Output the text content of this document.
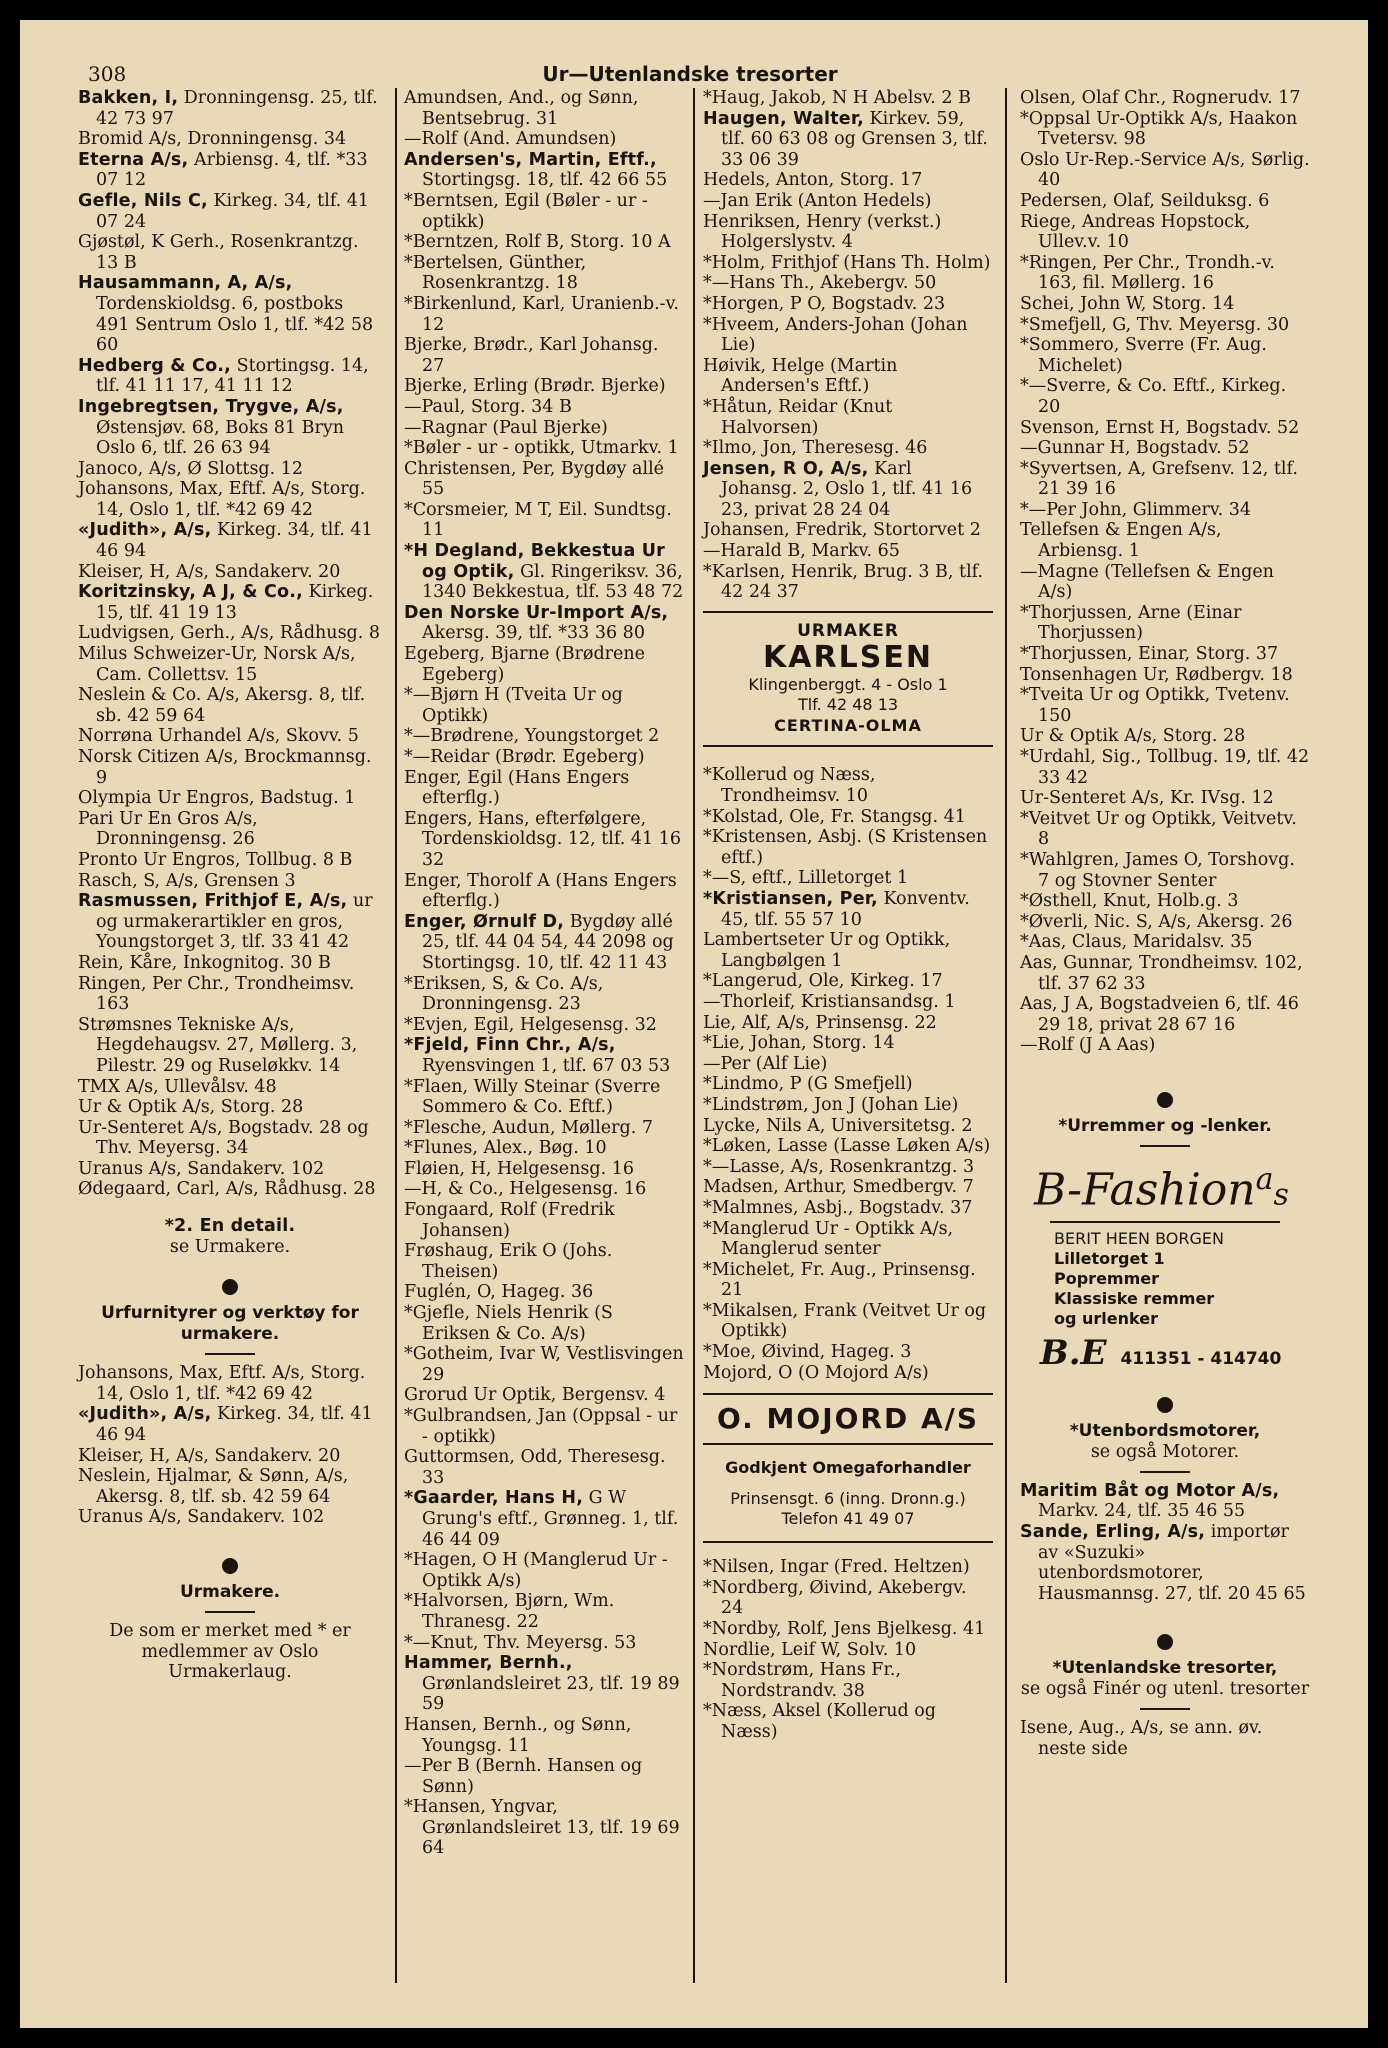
308	Ur—Utenlandske tresorter

Bakken, I, Dronningensg. 25, tlf. 42 73 97

Bromid A/s, Dronningensg. 34

Eterna A/s, Arbiensg. 4, tlf. *33 07 12

Gefle, Nils C, Kirkeg. 34, tlf. 41 07 24

Gjøstøl, K Gerh., Rosenkrantzg. 13 B

Hausammann, A, A/s, Tordenskioldsg. 6, postboks 491 Sentrum Oslo 1, tlf. *42 58 60

Hedberg & Co., Stortingsg. 14, tlf. 41 11 17, 41 11 12

Ingebregtsen, Trygve, A/s, Østensjøv. 68, Boks 81 Bryn Oslo 6, tlf. 26 63 94

Janoco, A/s, Ø Slottsg. 12

Johansons, Max, Eftf. A/s, Storg. 14, Oslo 1, tlf. *42 69 42

«Judith», A/s, Kirkeg. 34, tlf. 41 46 94

Kleiser, H, A/s, Sandakerv. 20

Koritzinsky, A J, & Co., Kirkeg. 15, tlf. 41 19 13

Ludvigsen, Gerh., A/s, Rådhusg. 8

Milus Schweizer-Ur, Norsk A/s, Cam. Collettsv. 15

Neslein & Co. A/s, Akersg. 8, tlf. sb. 42 59 64

Norrøna Urhandel A/s, Skovv. 5

Norsk Citizen A/s, Brockmannsg. 9

Olympia Ur Engros, Badstug. 1

Pari Ur En Gros A/s, Dronningensg. 26

Pronto Ur Engros, Tollbug. 8 B

Rasch, S, A/s, Grensen 3

Rasmussen, Frithjof E, A/s, ur og urmakerartikler en gros, Youngstorget 3, tlf. 33 41 42

Rein, Kåre, Inkognitog. 30 B

Ringen, Per Chr., Trondheimsv. 163

Strømsnes Tekniske A/s, Hegdehaugsv. 27, Møllerg. 3, Pilestr. 29 og Ruseløkkv. 14

TMX A/s, Ullevålsv. 48

Ur & Optik A/s, Storg. 28

Ur-Senteret A/s, Bogstadv. 28 og Thv. Meyersg. 34

Uranus A/s, Sandakerv. 102

Ødegaard, Carl, A/s, Rådhusg. 28

*2. En detail.

se Urmakere.

Urfurnityrer og verktøy for urmakere.

Johansons, Max, Eftf. A/s, Storg. 14, Oslo 1, tlf. *42 69 42

«Judith», A/s, Kirkeg. 34, tlf. 41 46 94

Kleiser, H, A/s, Sandakerv. 20

Neslein, Hjalmar, & Sønn, A/s, Akersg. 8, tlf. sb. 42 59 64

Uranus A/s, Sandakerv. 102

Urmakere.

De som er merket med * er medlemmer av Oslo Urmakerlaug.

Amundsen, And., og Sønn, Bentsebrug. 31

—Rolf (And. Amundsen)

Andersen's, Martin, Eftf., Stortingsg. 18, tlf. 42 66 55

*Berntsen, Egil (Bøler - ur - optikk)

*Berntzen, Rolf B, Storg. 10 A

*Bertelsen, Günther, Rosenkrantzg. 18

*Birkenlund, Karl, Uranienb.-v. 12

Bjerke, Brødr., Karl Johansg. 27

Bjerke, Erling (Brødr. Bjerke)

—Paul, Storg. 34 B

—Ragnar (Paul Bjerke)

*Bøler - ur - optikk, Utmarkv. 1

Christensen, Per, Bygdøy allé 55

*Corsmeier, M T, Eil. Sundtsg. 11

*H Degland, Bekkestua Ur og Optik, Gl. Ringeriksv. 36, 1340 Bekkestua, tlf. 53 48 72

Den Norske Ur-Import A/s, Akersg. 39, tlf. *33 36 80

Egeberg, Bjarne (Brødrene Egeberg)

*—Bjørn H (Tveita Ur og Optikk)

*—Brødrene, Youngstorget 2

*—Reidar (Brødr. Egeberg)

Enger, Egil (Hans Engers efterflg.)

Engers, Hans, efterfølgere, Tordenskioldsg. 12, tlf. 41 16 32

Enger, Thorolf A (Hans Engers efterflg.)

Enger, Ørnulf D, Bygdøy allé 25, tlf. 44 04 54, 44 2098 og Stortingsg. 10, tlf. 42 11 43

*Eriksen, S, & Co. A/s, Dronningensg. 23

*Evjen, Egil, Helgesensg. 32

*Fjeld, Finn Chr., A/s, Ryensvingen 1, tlf. 67 03 53

*Flaen, Willy Steinar (Sverre Sommero & Co. Eftf.)

*Flesche, Audun, Møllerg. 7

*Flunes, Alex., Bøg. 10

Fløien, H, Helgesensg. 16

—H, & Co., Helgesensg. 16

Fongaard, Rolf (Fredrik Johansen)

Frøshaug, Erik O (Johs. Theisen)

Fuglén, O, Hageg. 36

*Gjefle, Niels Henrik (S Eriksen & Co. A/s)

*Gotheim, Ivar W, Vestlisvingen 29

Grorud Ur Optik, Bergensv. 4

*Gulbrandsen, Jan (Oppsal - ur - optikk)

Guttormsen, Odd, Theresesg. 33

*Gaarder, Hans H, G W Grung's eftf., Grønneg. 1, tlf. 46 44 09

*Hagen, O H (Manglerud Ur - Optikk A/s)

*Halvorsen, Bjørn, Wm. Thranesg. 22

*—Knut, Thv. Meyersg. 53

Hammer, Bernh., Grønlandsleiret 23, tlf. 19 89 59

Hansen, Bernh., og Sønn, Youngsg. 11

—Per B (Bernh. Hansen og Sønn)

*Hansen, Yngvar, Grønlandsleiret 13, tlf. 19 69 64

*Haug, Jakob, N H Abelsv. 2 B

Haugen, Walter, Kirkev. 59, tlf. 60 63 08 og Grensen 3, tlf. 33 06 39

Hedels, Anton, Storg. 17

—Jan Erik (Anton Hedels)

Henriksen, Henry (verkst.) Holgerslystv. 4

*Holm, Frithjof (Hans Th. Holm)

*—Hans Th., Akebergv. 50

*Horgen, P O, Bogstadv. 23

*Hveem, Anders-Johan (Johan Lie)

Høivik, Helge (Martin Andersen's Eftf.)

*Håtun, Reidar (Knut Halvorsen)

*Ilmo, Jon, Theresesg. 46

Jensen, R O, A/s, Karl Johansg. 2, Oslo 1, tlf. 41 16 23, privat 28 24 04

Johansen, Fredrik, Stortorvet 2

—Harald B, Markv. 65

*Karlsen, Henrik, Brug. 3 B, tlf. 42 24 37

URMAKER
KARLSEN
Klingenberggt. 4 - Oslo 1
Tlf. 42 48 13
CERTINA-OLMA

*Kollerud og Næss, Trondheimsv. 10

*Kolstad, Ole, Fr. Stangsg. 41

*Kristensen, Asbj. (S Kristensen eftf.)

*—S, eftf., Lilletorget 1

*Kristiansen, Per, Konventv. 45, tlf. 55 57 10

Lambertseter Ur og Optikk, Langbølgen 1

*Langerud, Ole, Kirkeg. 17

—Thorleif, Kristiansandsg. 1

Lie, Alf, A/s, Prinsensg. 22

*Lie, Johan, Storg. 14

—Per (Alf Lie)

*Lindmo, P (G Smefjell)

*Lindstrøm, Jon J (Johan Lie)

Lycke, Nils A, Universitetsg. 2

*Løken, Lasse (Lasse Løken A/s)

*—Lasse, A/s, Rosenkrantzg. 3

Madsen, Arthur, Smedbergv. 7

*Malmnes, Asbj., Bogstadv. 37

*Manglerud Ur - Optikk A/s, Manglerud senter

*Michelet, Fr. Aug., Prinsensg. 21

*Mikalsen, Frank (Veitvet Ur og Optikk)

*Moe, Øivind, Hageg. 3

Mojord, O (O Mojord A/s)

O. MOJORD A/S
Godkjent Omegaforhandler
Prinsensgt. 6 (inng. Dronn.g.)
Telefon 41 49 07

*Nilsen, Ingar (Fred. Heltzen)

*Nordberg, Øivind, Akebergv. 24

*Nordby, Rolf, Jens Bjelkesg. 41

Nordlie, Leif W, Solv. 10

*Nordstrøm, Hans Fr., Nordstrandv. 38

*Næss, Aksel (Kollerud og Næss)

Olsen, Olaf Chr., Rognerudv. 17

*Oppsal Ur-Optikk A/s, Haakon Tvetersv. 98

Oslo Ur-Rep.-Service A/s, Sørlig. 40

Pedersen, Olaf, Seilduksg. 6

Riege, Andreas Hopstock, Ullev.v. 10

*Ringen, Per Chr., Trondh.-v. 163, fil. Møllerg. 16

Schei, John W, Storg. 14

*Smefjell, G, Thv. Meyersg. 30

*Sommero, Sverre (Fr. Aug. Michelet)

*—Sverre, & Co. Eftf., Kirkeg. 20

Svenson, Ernst H, Bogstadv. 52

—Gunnar H, Bogstadv. 52

*Syvertsen, A, Grefsenv. 12, tlf. 21 39 16

*—Per John, Glimmerv. 34

Tellefsen & Engen A/s, Arbiensg. 1

—Magne (Tellefsen & Engen A/s)

*Thorjussen, Arne (Einar Thorjussen)

*Thorjussen, Einar, Storg. 37

Tonsenhagen Ur, Rødbergv. 18

*Tveita Ur og Optikk, Tvetenv. 150

Ur & Optik A/s, Storg. 28

*Urdahl, Sig., Tollbug. 19, tlf. 42 33 42

Ur-Senteret A/s, Kr. IVsg. 12

*Veitvet Ur og Optikk, Veitvetv. 8

*Wahlgren, James O, Torshovg. 7 og Stovner Senter

*Østhell, Knut, Holb.g. 3

*Øverli, Nic. S, A/s, Akersg. 26

*Aas, Claus, Maridalsv. 35

Aas, Gunnar, Trondheimsv. 102, tlf. 37 62 33

Aas, J A, Bogstadveien 6, tlf. 46 29 18, privat 28 67 16

—Rolf (J A Aas)

*Urremmer og -lenker.

B-Fashion$^a$s
BERIT HEEN BORGEN
Lilletorget 1
Popremmer
Klassiske remmer
og urlenker
B.E 411351 - 414740

*Utenbordsmotorer,

se også Motorer.

Maritim Båt og Motor A/s, Markv. 24, tlf. 35 46 55

Sande, Erling, A/s, importør av «Suzuki» utenbordsmotorer, Hausmannsg. 27, tlf. 20 45 65

*Utenlandske tresorter,

se også Finér og utenl. tresorter

Isene, Aug., A/s, se ann. øv. neste side
